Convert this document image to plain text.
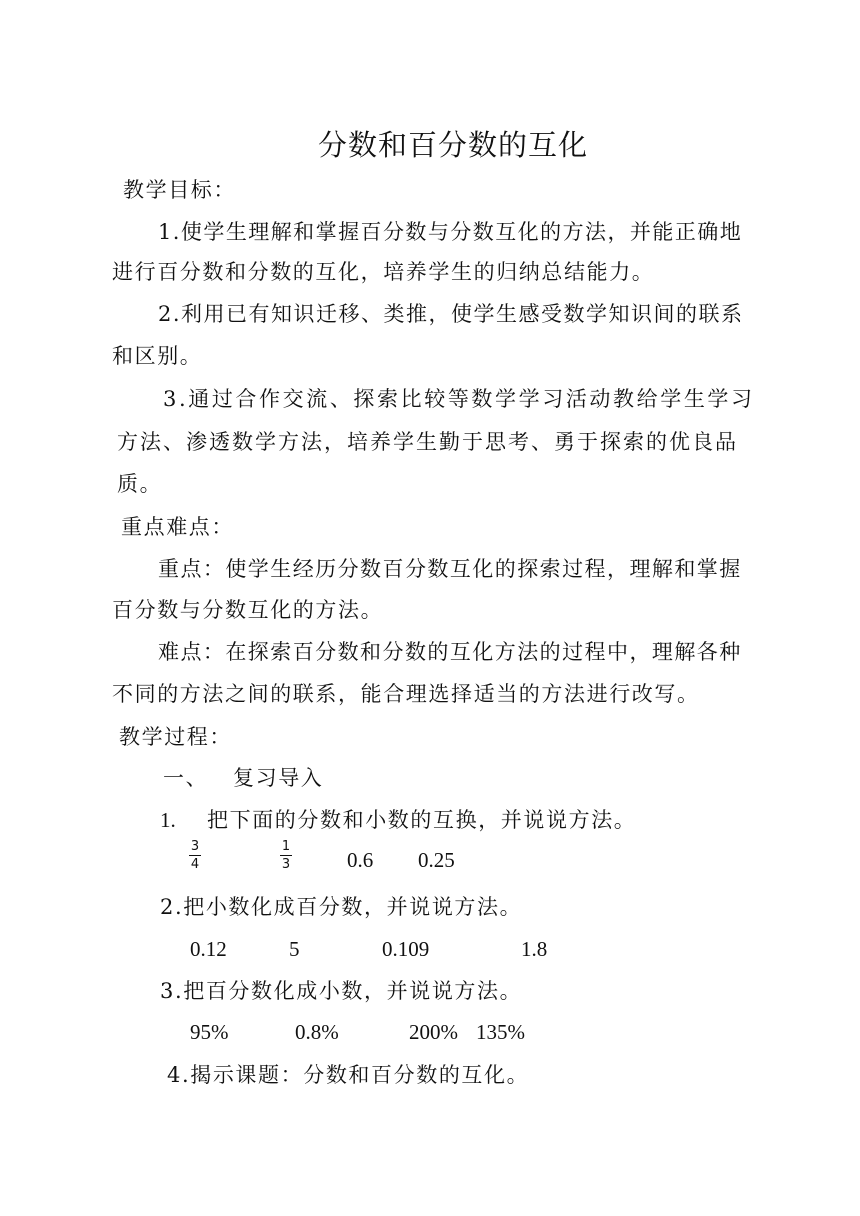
分数和百分数的互化
教学目标：
1.使学生理解和掌握百分数与分数互化的方法，并能正确地
进行百分数和分数的互化，培养学生的归纳总结能力。
2.利用已有知识迁移、类推，使学生感受数学知识间的联系
和区别。
3.通过合作交流、探索比较等数学学习活动教给学生学习
方法、渗透数学方法，培养学生勤于思考、勇于探索的优良品
质。
重点难点：
重点：使学生经历分数百分数互化的探索过程，理解和掌握
百分数与分数互化的方法。
难点：在探索百分数和分数的互化方法的过程中，理解各种
不同的方法之间的联系，能合理选择适当的方法进行改写。
教学过程：
一、 复习导入
1. 把下面的分数和小数的互换，并说说方法。
3
4
1
3	0.6 0.25
2.把小数化成百分数，并说说方法。
0.12	5	0.109	1.8
3.把百分数化成小数，并说说方法。
95%	0.8%	200% 135%
4.揭示课题：分数和百分数的互化。
